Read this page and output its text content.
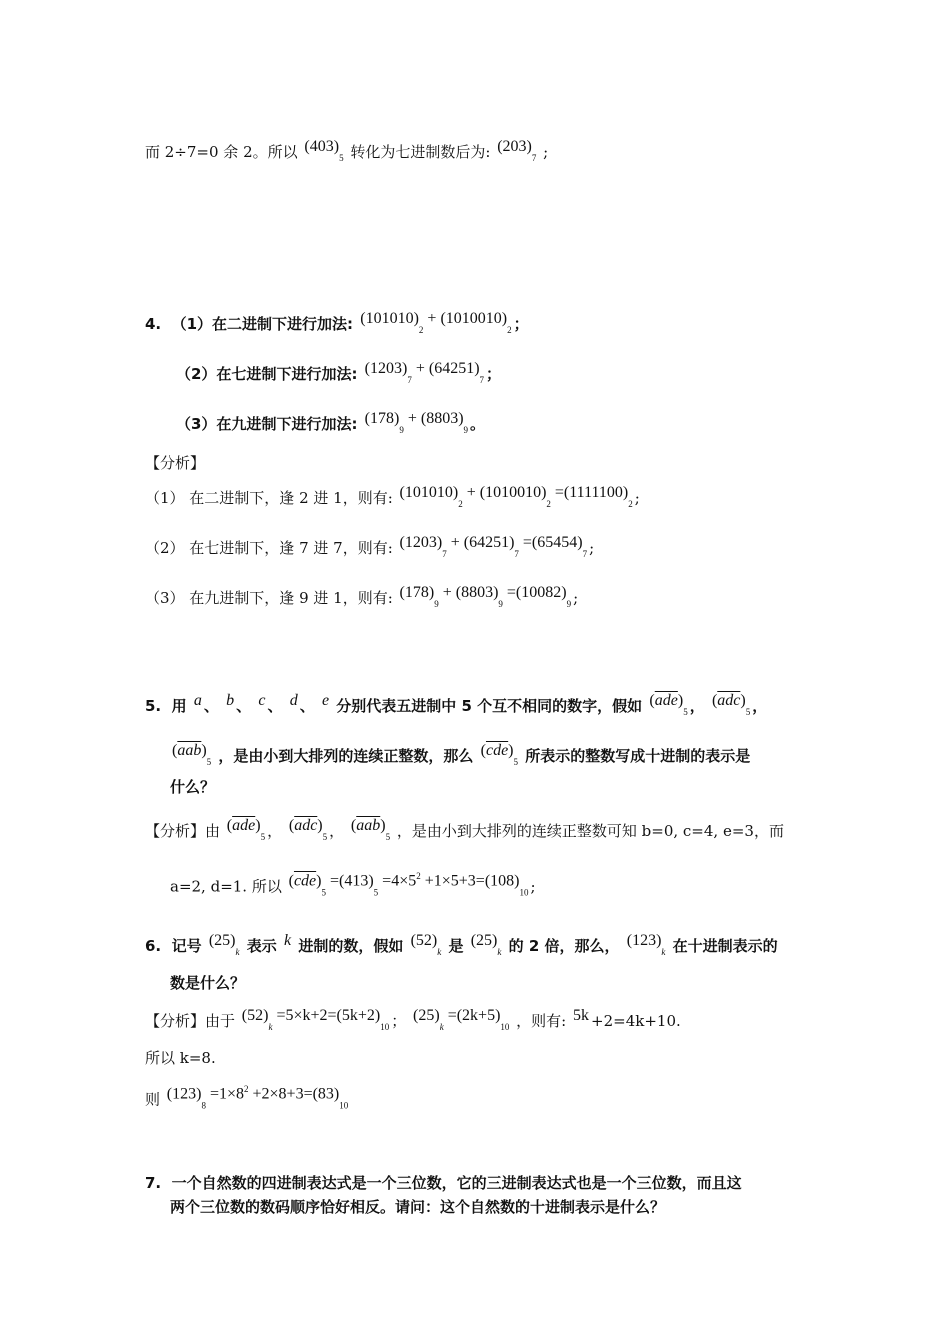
而 2÷7=0 余 2。所以 $(403)_5$ 转化为七进制数后为: $(203)_7$ ;
4. （1）在二进制下进行加法: $(101010)_2 + (1010010)_2$ ；
（2）在七进制下进行加法: $(1203)_7 + (64251)_7$ ；
（3）在九进制下进行加法: $(178)_9 + (8803)_9$ 。
【分析】
（1） 在二进制下，逢 2 进 1，则有: $(101010)_2 + (1010010)_2 =(1111100)_2$ ;
（2） 在七进制下，逢 7 进 7，则有: $(1203)_7 + (64251)_7 =(65454)_7$ ;
（3） 在九进制下，逢 9 进 1，则有: $(178)_9 + (8803)_9 =(10082)_9$ ;
5. 用 a 、 b 、 c 、 d 、 e 分别代表五进制中 5 个互不相同的数字，假如 $(\overline{ade})_5$ ， $(\overline{adc})_5$ ，
$(\overline{aab})_5$ ，是由小到大排列的连续正整数，那么 $(\overline{cde})_5$ 所表示的整数写成十进制的表示是
什么？
【分析】由 $(\overline{ade})_5$ ， $(\overline{adc})_5$ ， $(\overline{aab})_5$ ，是由小到大排列的连续正整数可知 b=0, c=4, e=3，而
a=2, d=1. 所以 $(\overline{cde})_5 =(413)_5 =4\times 5^2 +1\times 5+3=(108)_{10}$ ;
6. 记号 $(25)_k$ 表示 k 进制的数，假如 $(52)_k$ 是 $(25)_k$ 的 2 倍，那么， $(123)_k$ 在十进制表示的
数是什么？
【分析】由于 $(52)_k =5\times k+2=(5k+2)_{10}$ ； $(25)_k =(2k+5)_{10}$ ，则有: 5k +2=4k+10.
所以 k=8.
则 $(123)_8 =1\times 8^2 +2\times 8+3=(83)_{10}$
7. 一个自然数的四进制表达式是一个三位数，它的三进制表达式也是一个三位数，而且这
两个三位数的数码顺序恰好相反。请问：这个自然数的十进制表示是什么？
